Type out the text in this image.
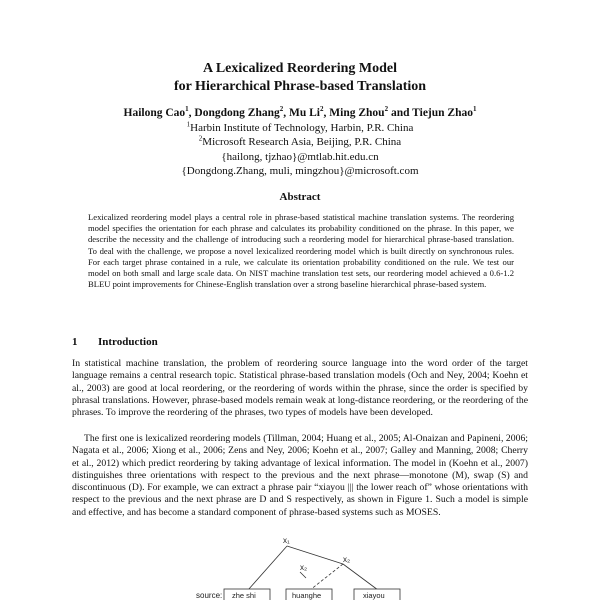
A Lexicalized Reordering Model
for Hierarchical Phrase-based Translation
Hailong Cao$^1$, Dongdong Zhang$^2$, Mu Li$^2$, Ming Zhou$^2$ and Tiejun Zhao$^1$
$^1$Harbin Institute of Technology, Harbin, P.R. China
$^2$Microsoft Research Asia, Beijing, P.R. China
{hailong, tjzhao}@mtlab.hit.edu.cn
{Dongdong.Zhang, muli, mingzhou}@microsoft.com
Abstract
Lexicalized reordering model plays a central role in phrase-based statistical machine translation systems. The reordering model specifies the orientation for each phrase and calculates its probability conditioned on the phrase. In this paper, we describe the necessity and the challenge of introducing such a reordering model for hierarchical phrase-based translation. To deal with the challenge, we propose a novel lexicalized reordering model which is built directly on synchronous rules. For each target phrase contained in a rule, we calculate its orientation probability conditioned on the rule. We test our model on both small and large scale data. On NIST machine translation test sets, our reordering model achieved a 0.6-1.2 BLEU point improvements for Chinese-English translation over a strong baseline hierarchical phrase-based system.
1 Introduction
In statistical machine translation, the problem of reordering source language into the word order of the target language remains a central research topic. Statistical phrase-based translation models (Och and Ney, 2004; Koehn et al., 2003) are good at local reordering, or the reordering of words within the phrase, since the order is specified by phrasal translations. However, phrase-based models remain weak at long-distance reordering, or the reordering of the phrases. To improve the reordering of the phrases, two types of models have been developed.
The first one is lexicalized reordering models (Tillman, 2004; Huang et al., 2005; Al-Onaizan and Papineni, 2006; Nagata et al., 2006; Xiong et al., 2006; Zens and Ney, 2006; Koehn et al., 2007; Galley and Manning, 2008; Cherry et al., 2012) which predict reordering by taking advantage of lexical information. The model in (Koehn et al., 2007) distinguishes three orientations with respect to the previous and the next phrase—monotone (M), swap (S) and discontinuous (D). For example, we can extract a phrase pair “xiayou ||| the lower reach of” whose orientations with respect to the previous and the next phrase are D and S respectively, as shown in Figure 1. Such a model is simple and effective, and has become a standard component of phrase-based systems such as MOSES.
x₁
x₂
x₂
source: zhe shi	huanghe	xiayou
